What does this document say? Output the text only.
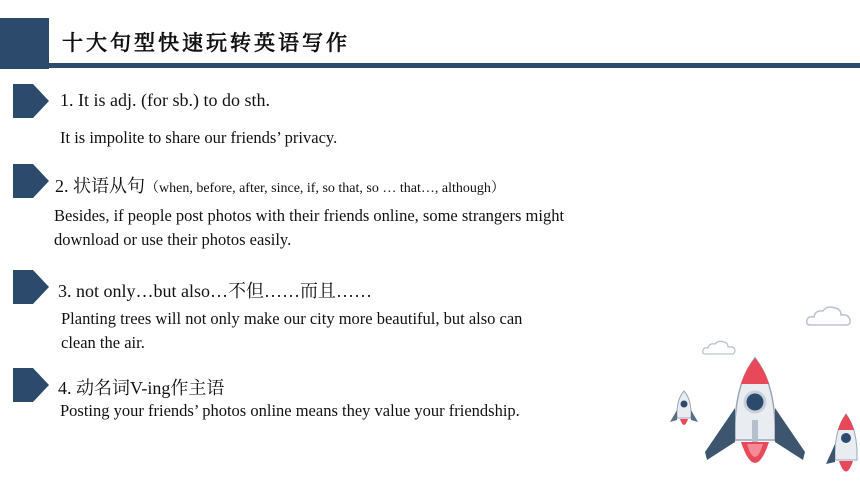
十大句型快速玩转英语写作
1. It is adj. (for sb.) to do sth.
It is impolite to share our friends’ privacy.
2. 状语从句（when, before, after, since, if, so that, so … that…, although）
Besides, if people post photos with their friends online, some strangers might
download or use their photos easily.
3. not only…but also…不但……而且……
Planting trees will not only make our city more beautiful, but also can
clean the air.
4. 动名词V-ing作主语
Posting your friends’ photos online means they value your friendship.
